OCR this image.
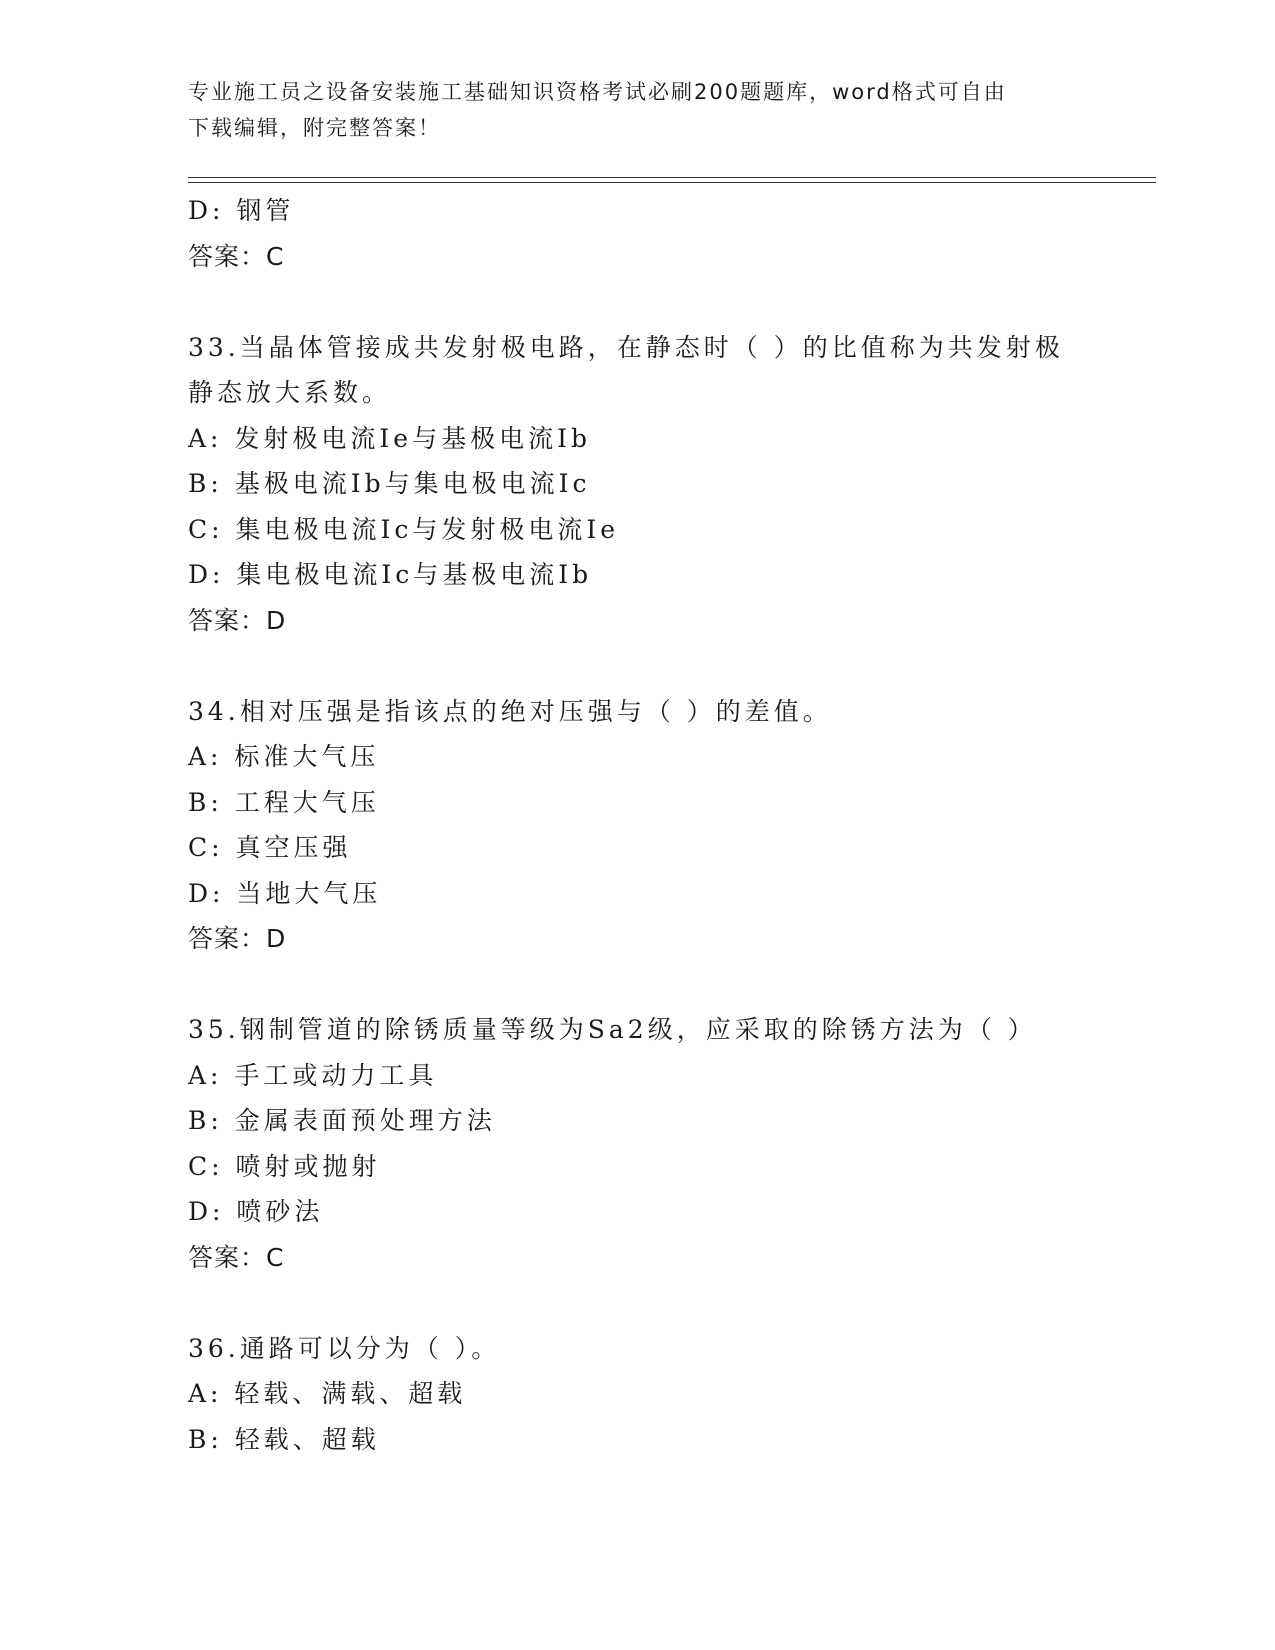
专业施工员之设备安装施工基础知识资格考试必刷200题题库，word格式可自由
下载编辑，附完整答案！
D: 钢管
答案：C
33.当晶体管接成共发射极电路，在静态时（ ）的比值称为共发射极
静态放大系数。
A: 发射极电流Ie与基极电流Ib
B: 基极电流Ib与集电极电流Ic
C: 集电极电流Ic与发射极电流Ie
D: 集电极电流Ic与基极电流Ib
答案：D
34.相对压强是指该点的绝对压强与（ ）的差值。
A: 标准大气压
B: 工程大气压
C: 真空压强
D: 当地大气压
答案：D
35.钢制管道的除锈质量等级为Sa2级，应采取的除锈方法为（ ）
A: 手工或动力工具
B: 金属表面预处理方法
C: 喷射或抛射
D: 喷砂法
答案：C
36.通路可以分为（ ）。
A: 轻载、满载、超载
B: 轻载、超载
